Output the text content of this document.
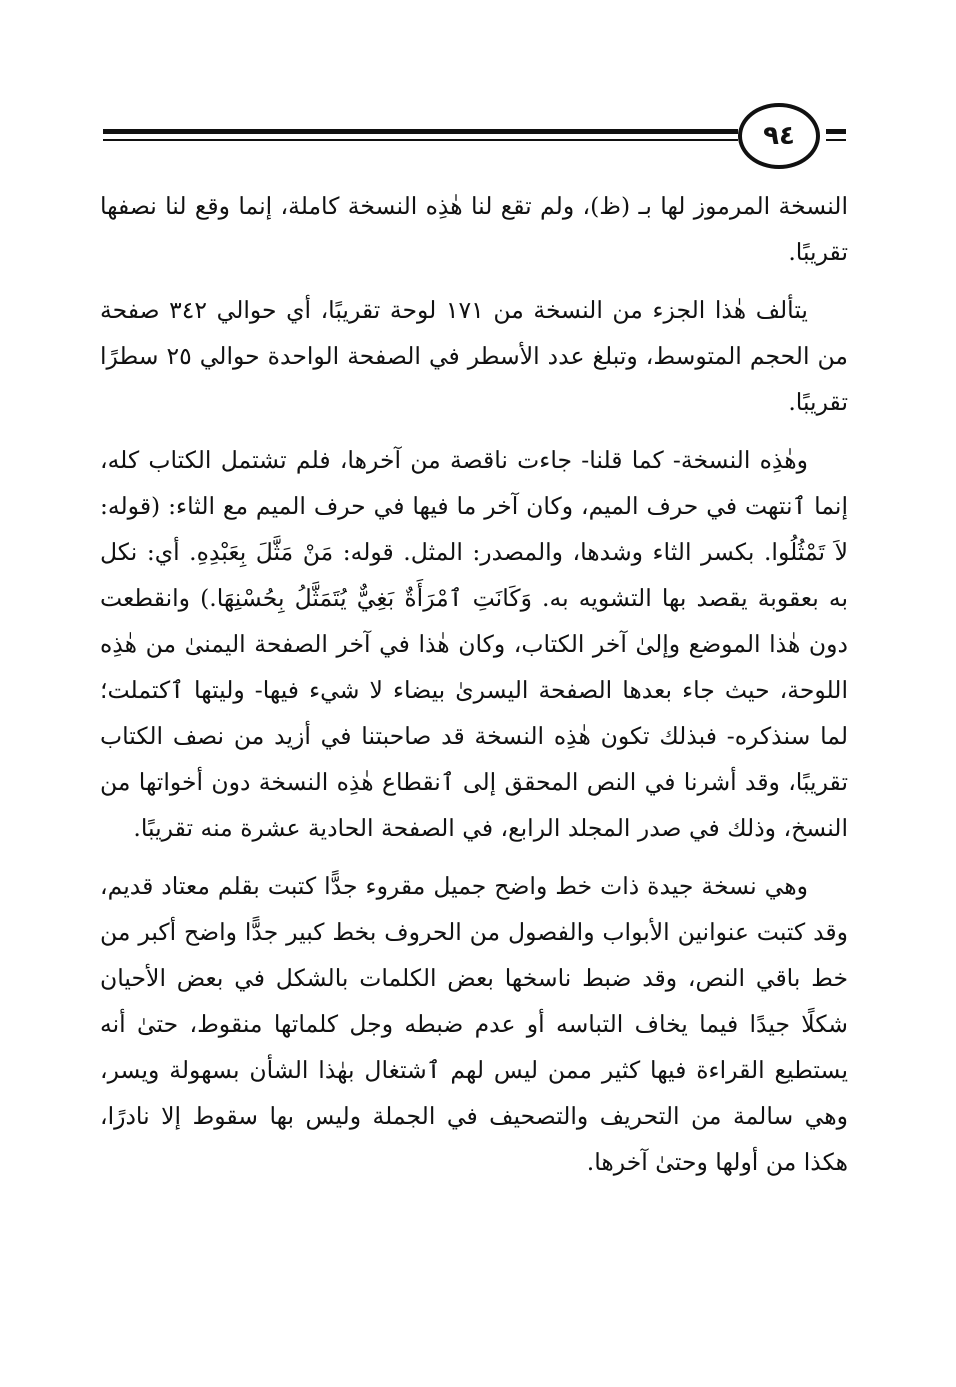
٩٤

النسخة المرموز لها بـ (ظ)، ولم تقع لنا هٰذِه النسخة كاملة، إنما وقع لنا نصفها تقريبًا.

يتألف هٰذا الجزء من النسخة من ١٧١ لوحة تقريبًا، أي حوالي ٣٤٢ صفحة من الحجم المتوسط، وتبلغ عدد الأسطر في الصفحة الواحدة حوالي ٢٥ سطرًا تقريبًا.

وهٰذِه النسخة- كما قلنا- جاءت ناقصة من آخرها، فلم تشتمل الكتاب كله، إنما ٱنتهت في حرف الميم، وكان آخر ما فيها في حرف الميم مع الثاء: (قوله: لاَ تَمْثُلُوا. بكسر الثاء وشدها، والمصدر: المثل. قوله: مَنْ مَثَّلَ بِعَبْدِهِ. أي: نكل به بعقوبة يقصد بها التشويه به. وَكَانَتِ ٱمْرَأَةٌ بَغِيٌّ يُتَمَثَّلُ بِحُسْنِهَا.) وانقطعت دون هٰذا الموضع وإلىٰ آخر الكتاب، وكان هٰذا في آخر الصفحة اليمنىٰ من هٰذِه اللوحة، حيث جاء بعدها الصفحة اليسرىٰ بيضاء لا شيء فيها- وليتها ٱكتملت؛ لما سنذكره- فبذلك تكون هٰذِه النسخة قد صاحبتنا في أزيد من نصف الكتاب تقريبًا، وقد أشرنا في النص المحقق إلى ٱنقطاع هٰذِه النسخة دون أخواتها من النسخ، وذلك في صدر المجلد الرابع، في الصفحة الحادية عشرة منه تقريبًا.

وهي نسخة جيدة ذات خط واضح جميل مقروء جدًّا كتبت بقلم معتاد قديم، وقد كتبت عنوانين الأبواب والفصول من الحروف بخط كبير جدًّا واضح أكبر من خط باقي النص، وقد ضبط ناسخها بعض الكلمات بالشكل في بعض الأحيان شكلًا جيدًا فيما يخاف التباسه أو عدم ضبطه وجل كلماتها منقوط، حتىٰ أنه يستطيع القراءة فيها كثير ممن ليس لهم ٱشتغال بهٰذا الشأن بسهولة ويسر، وهي سالمة من التحريف والتصحيف في الجملة وليس بها سقوط إلا نادرًا، هكذا من أولها وحتىٰ آخرها.
